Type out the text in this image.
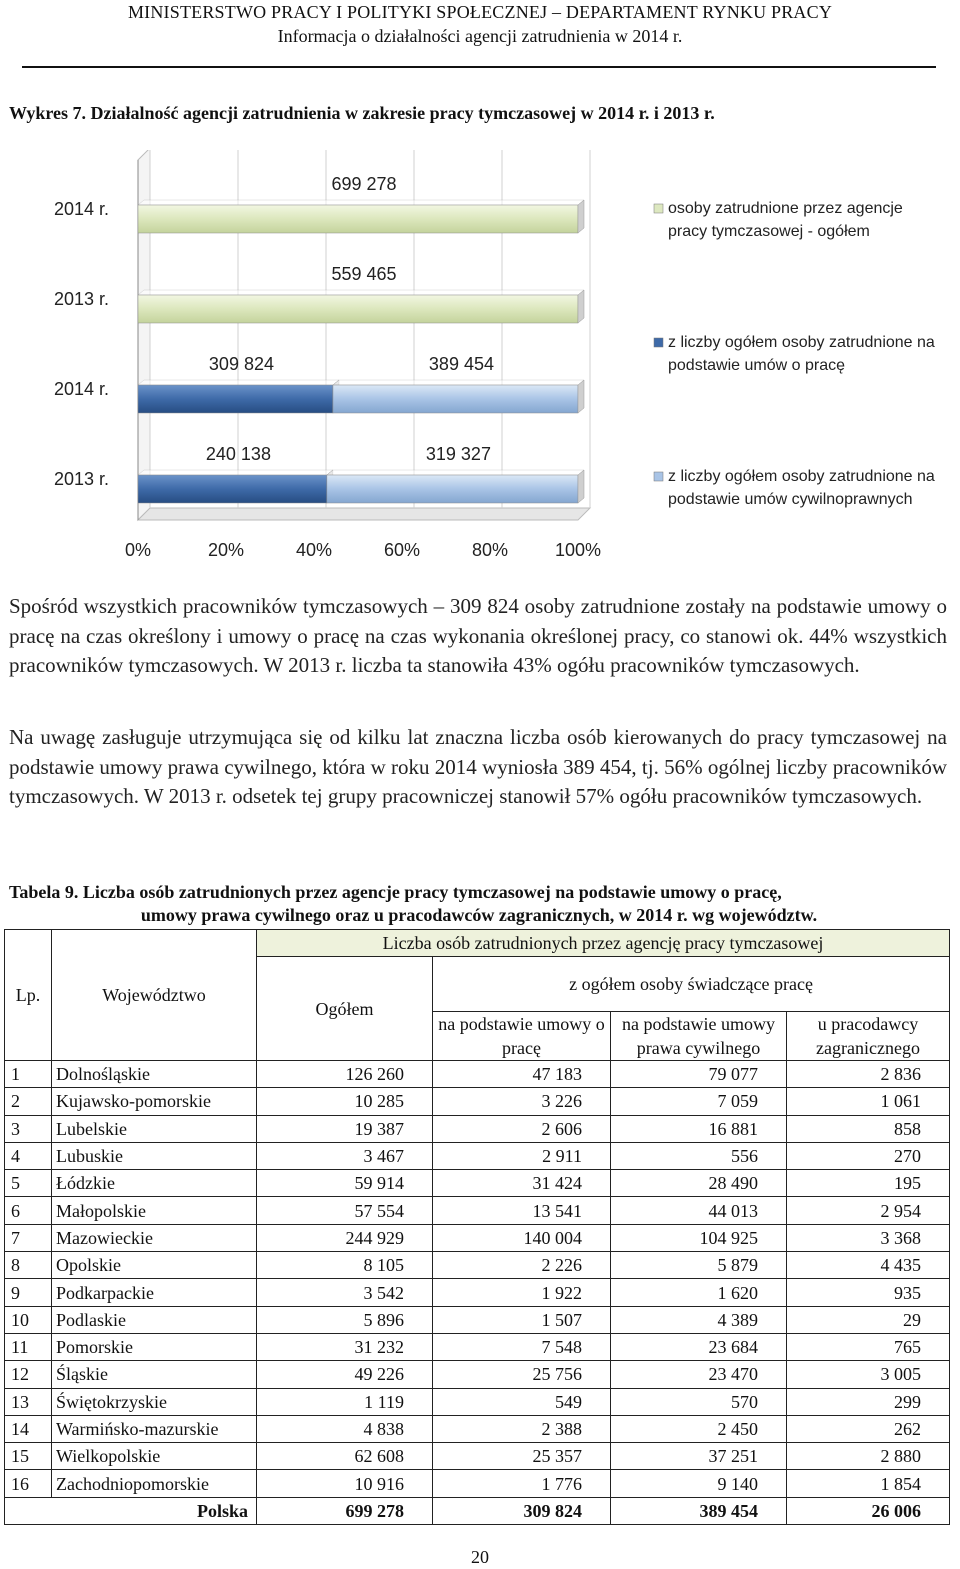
MINISTERSTWO PRACY I POLITYKI SPOŁECZNEJ – DEPARTAMENT RYNKU PRACY
Informacja o działalności agencji zatrudnienia w 2014 r.
Wykres 7. Działalność agencji zatrudnienia w zakresie pracy tymczasowej w 2014 r. i 2013 r.
0%	20%	40%	60%	80%	100%
699 278
2014 r.
559 465
2013 r.
309 824	389 454
2014 r.
240 138	319 327
2013 r.
osoby zatrudnione przez agencje
pracy tymczasowej - ogółem
z liczby ogółem osoby zatrudnione na
podstawie umów o pracę
z liczby ogółem osoby zatrudnione na
podstawie umów cywilnoprawnych
Spośród wszystkich pracowników tymczasowych – 309 824 osoby zatrudnione zostały na podstawie umowy o pracę na czas określony i umowy o pracę na czas wykonania określonej pracy, co stanowi ok. 44% wszystkich pracowników tymczasowych. W 2013 r. liczba ta stanowiła 43% ogółu pracowników tymczasowych.
Na uwagę zasługuje utrzymująca się od kilku lat znaczna liczba osób kierowanych do pracy tymczasowej na podstawie umowy prawa cywilnego, która w roku 2014 wyniosła 389 454, tj. 56% ogólnej liczby pracowników tymczasowych. W 2013 r. odsetek tej grupy pracowniczej stanowił 57% ogółu pracowników tymczasowych.
Tabela 9. Liczba osób zatrudnionych przez agencje pracy tymczasowej na podstawie umowy o pracę,
umowy prawa cywilnego oraz u pracodawców zagranicznych, w 2014 r. wg województw.
Lp.	Województwo	Liczba osób zatrudnionych przez agencję pracy tymczasowej			
		Ogółem	z ogółem osoby świadczące pracę		
			na podstawie umowy o pracę	na podstawie umowy prawa cywilnego	u pracodawcy zagranicznego
1	Dolnośląskie	126 260	47 183	79 077	2 836
2	Kujawsko-pomorskie	10 285	3 226	7 059	1 061
3	Lubelskie	19 387	2 606	16 881	858
4	Lubuskie	3 467	2 911	556	270
5	Łódzkie	59 914	31 424	28 490	195
6	Małopolskie	57 554	13 541	44 013	2 954
7	Mazowieckie	244 929	140 004	104 925	3 368
8	Opolskie	8 105	2 226	5 879	4 435
9	Podkarpackie	3 542	1 922	1 620	935
10	Podlaskie	5 896	1 507	4 389	29
11	Pomorskie	31 232	7 548	23 684	765
12	Śląskie	49 226	25 756	23 470	3 005
13	Świętokrzyskie	1 119	549	570	299
14	Warmińsko-mazurskie	4 838	2 388	2 450	262
15	Wielkopolskie	62 608	25 357	37 251	2 880
16	Zachodniopomorskie	10 916	1 776	9 140	1 854
Polska		699 278	309 824	389 454	26 006
20
